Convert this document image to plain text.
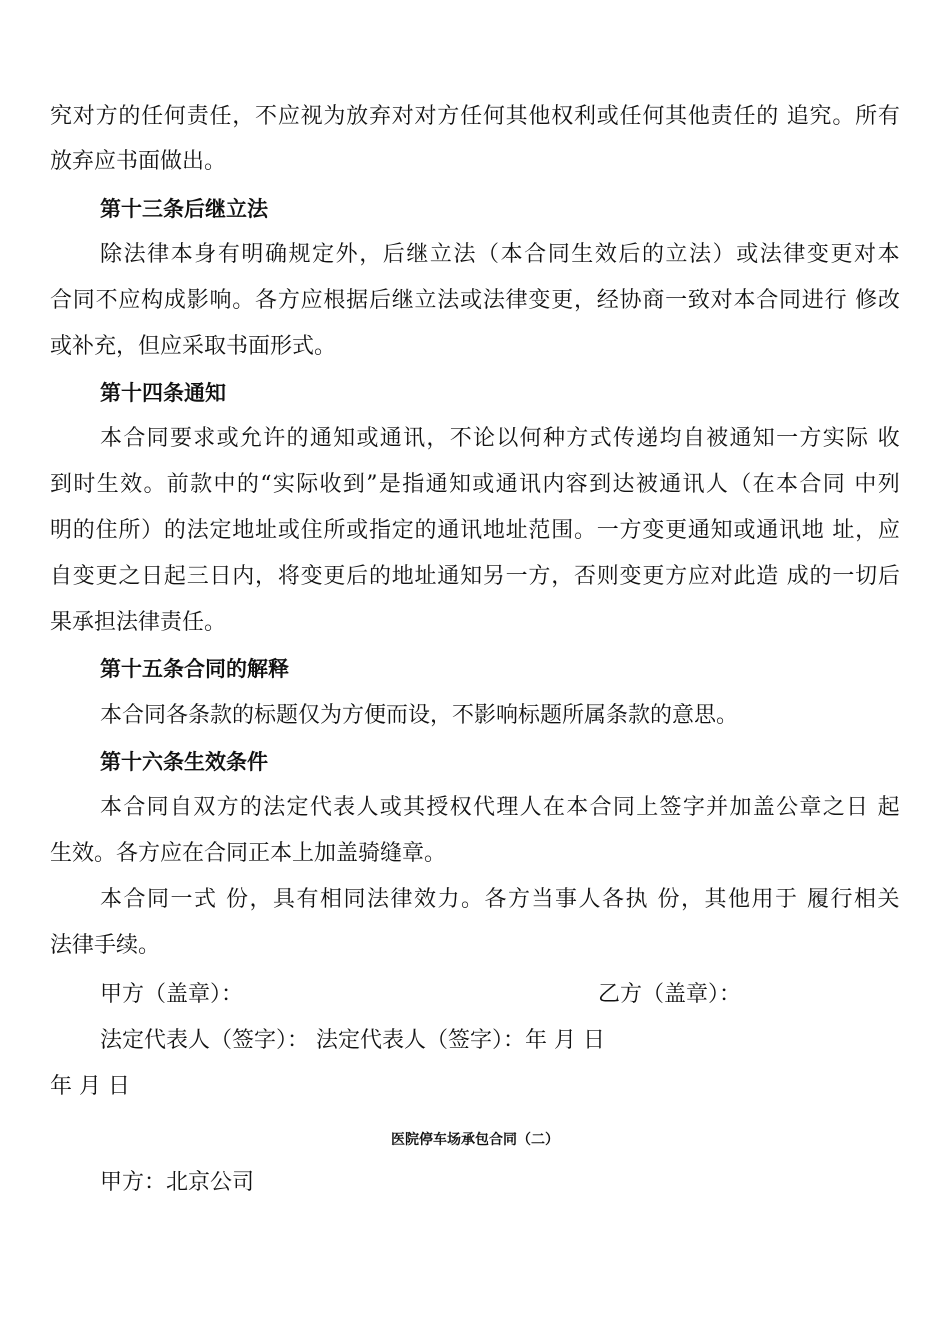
究 对 方 的 任 何 责 任 ， 不 应 视 为 放 弃 对 对 方 任 何 其 他 权 利 或 任 何 其 他 责 任 的
追 究 。 所 有
放弃应书面做出。
第十三条后继立法
除 法 律 本 身 有 明 确 规 定 外 ， 后 继 立 法 （ 本 合 同 生 效 后 的 立 法 ） 或 法 律 变 更 对 本
合 同 不 应 构 成 影 响 。 各 方 应 根 据 后 继 立 法 或 法 律 变 更 ， 经 协 商 一 致 对 本 合 同 进 行
修 改
或补充，但应采取书面形式。
第十四条通知
本 合 同 要 求 或 允 许 的 通 知 或 通 讯 ， 不 论 以 何 种 方 式 传 递 均 自 被 通 知 一 方 实 际
收
到 时 生 效 。 前 款 中 的 “ 实 际 收 到 ” 是 指 通 知 或 通 讯 内 容 到 达 被 通 讯 人 （ 在 本 合 同
中 列
明 的 住 所 ） 的 法 定 地 址 或 住 所 或 指 定 的 通 讯 地 址 范 围 。 一 方 变 更 通 知 或 通 讯 地
址 ， 应
自 变 更 之 日 起 三 日 内 ， 将 变 更 后 的 地 址 通 知 另 一 方 ， 否 则 变 更 方 应 对 此 造
成 的 一 切 后
果承担法律责任。
第十五条合同的解释
本合同各条款的标题仅为方便而设，不影响标题所属条款的意思。
第十六条生效条件
本 合 同 自 双 方 的 法 定 代 表 人 或 其 授 权 代 理 人 在 本 合 同 上 签 字 并 加 盖 公 章 之 日
起
生效。各方应在合同正本上加盖骑缝章。
本 合 同 一 式
份 ， 具 有 相 同 法 律 效 力 。 各 方 当 事 人 各 执
份 ， 其 他 用 于
履 行 相 关
法律手续。
甲方（盖章）：	乙方（盖章）：
法定代表人（签字）： 法定代表人（签字）：年 月 日
年 月 日
医院停车场承包合同（二）
甲方：北京公司
